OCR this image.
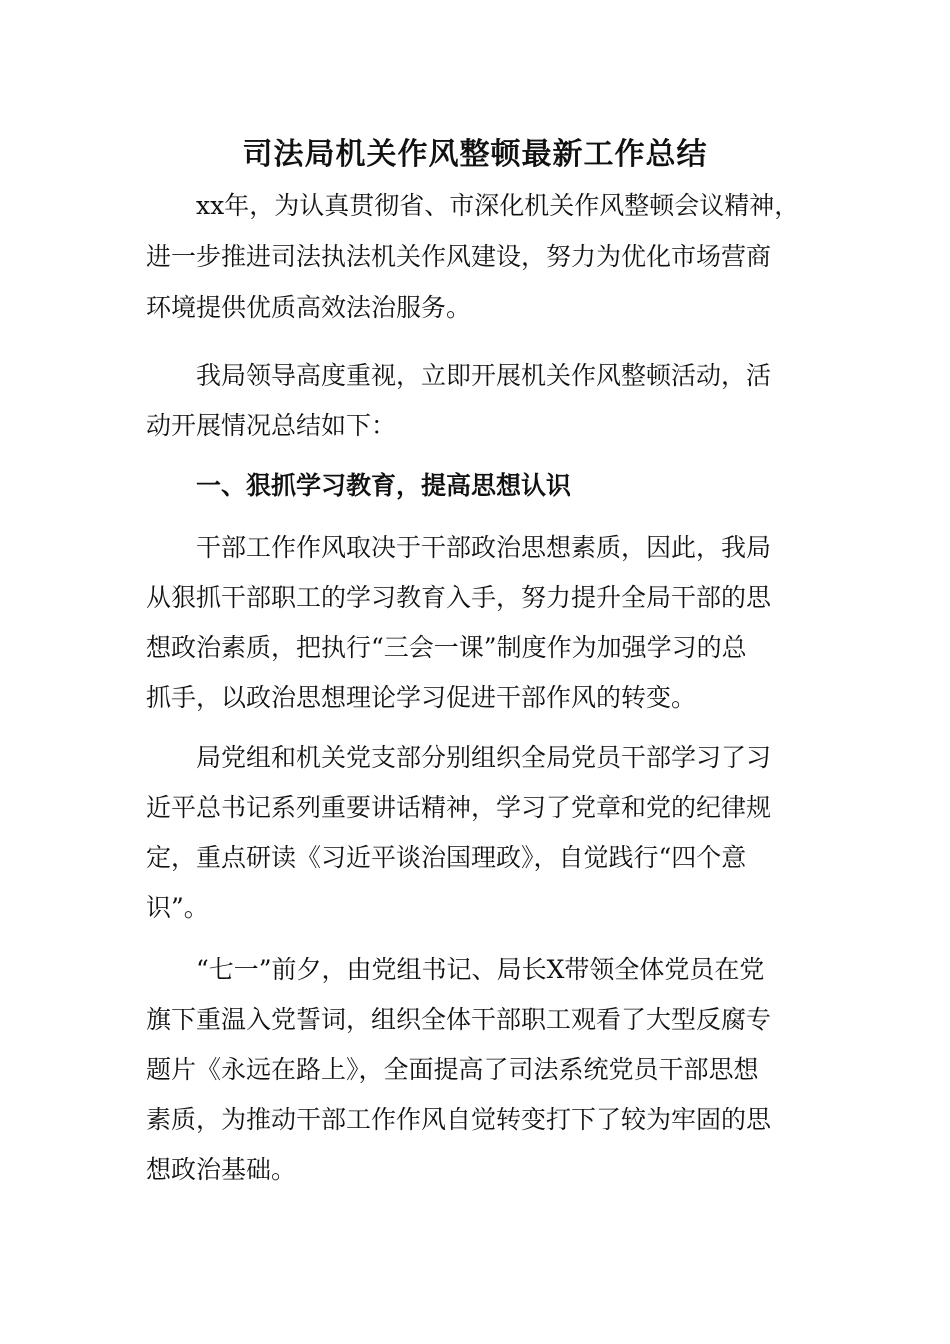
司法局机关作风整顿最新工作总结
xx年，为认真贯彻省、市深化机关作风整顿会议精神，
进一步推进司法执法机关作风建设，努力为优化市场营商
环境提供优质高效法治服务。
我局领导高度重视，立即开展机关作风整顿活动，活
动开展情况总结如下：
一、狠抓学习教育，提高思想认识
干部工作作风取决于干部政治思想素质，因此，我局
从狠抓干部职工的学习教育入手，努力提升全局干部的思
想政治素质，把执行“三会一课”制度作为加强学习的总
抓手，以政治思想理论学习促进干部作风的转变。
局党组和机关党支部分别组织全局党员干部学习了习
近平总书记系列重要讲话精神，学习了党章和党的纪律规
定，重点研读《习近平谈治国理政》，自觉践行“四个意
识”。
“七一”前夕，由党组书记、局长X带领全体党员在党
旗下重温入党誓词，组织全体干部职工观看了大型反腐专
题片《永远在路上》，全面提高了司法系统党员干部思想
素质，为推动干部工作作风自觉转变打下了较为牢固的思
想政治基础。
